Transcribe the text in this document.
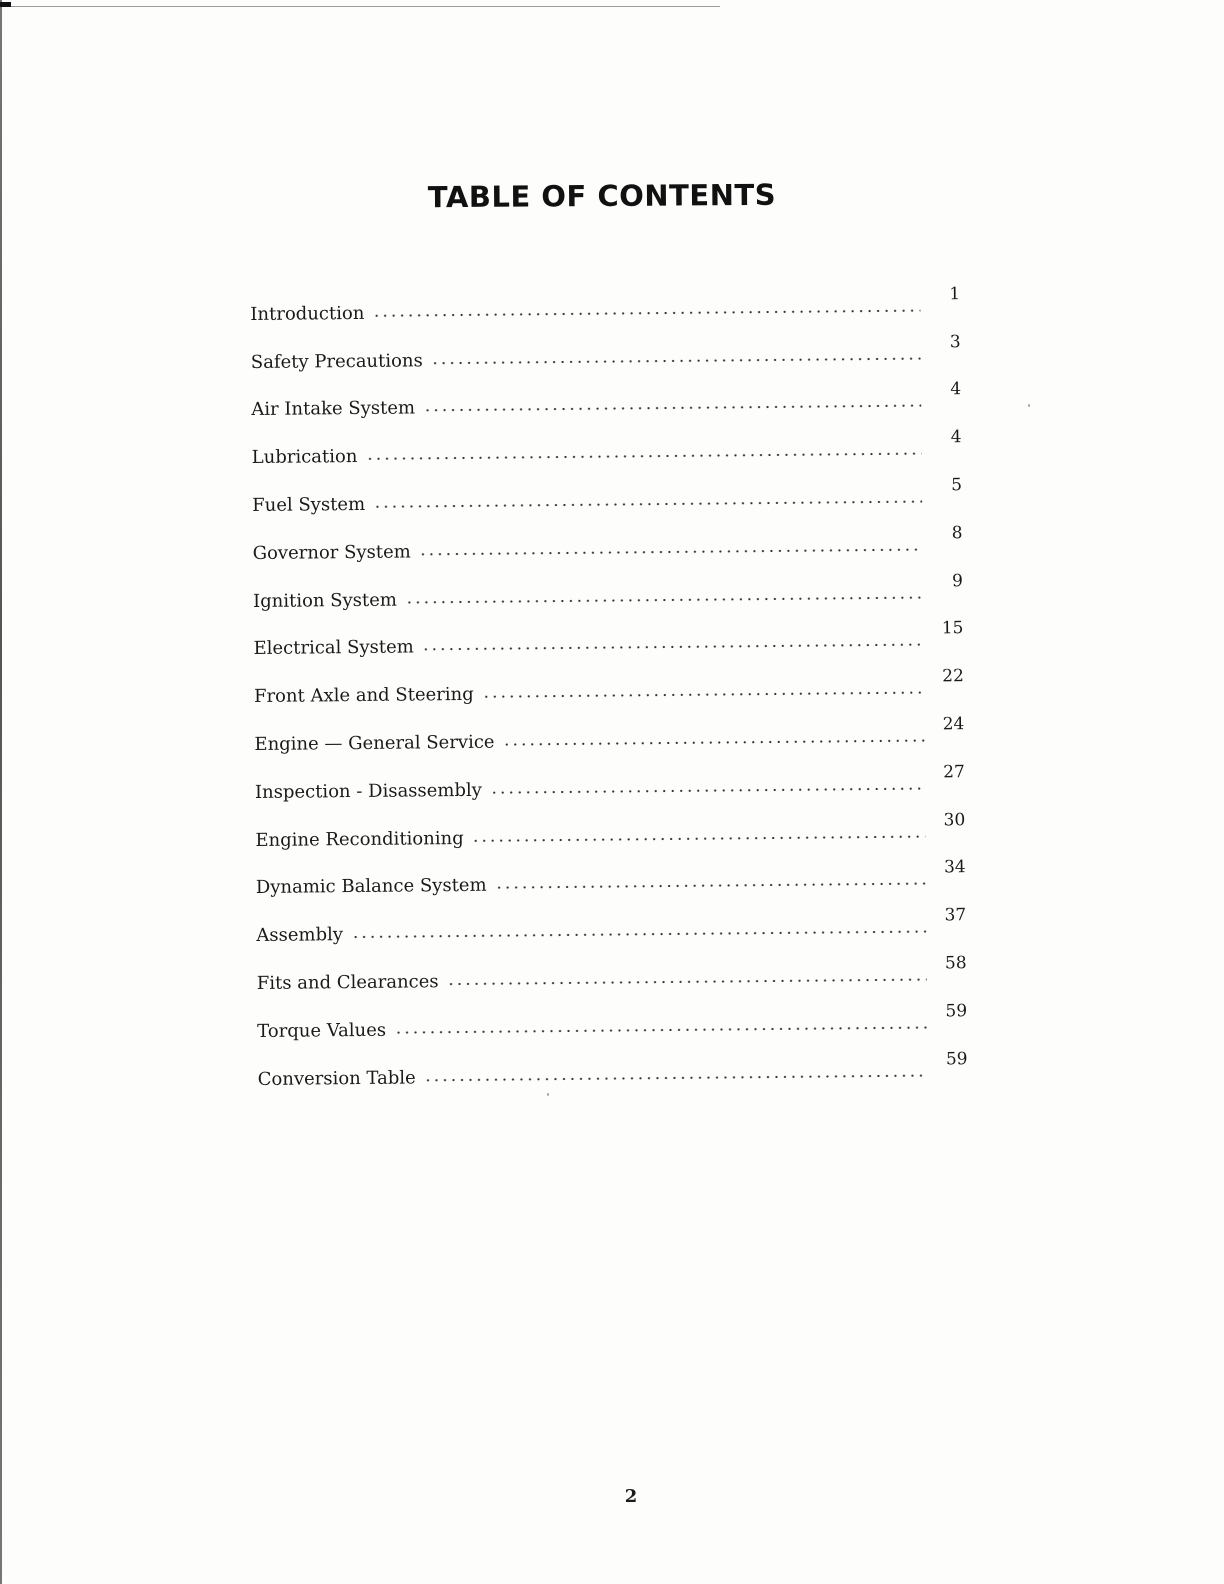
TABLE OF CONTENTS
Introduction
1
Safety Precautions
3
Air Intake System
4
Lubrication
4
Fuel System
5
Governor System
8
Ignition System
9
Electrical System
15
Front Axle and Steering
22
Engine — General Service
24
Inspection - Disassembly
27
Engine Reconditioning
30
Dynamic Balance System
34
Assembly
37
Fits and Clearances
58
Torque Values
59
Conversion Table
59
2
